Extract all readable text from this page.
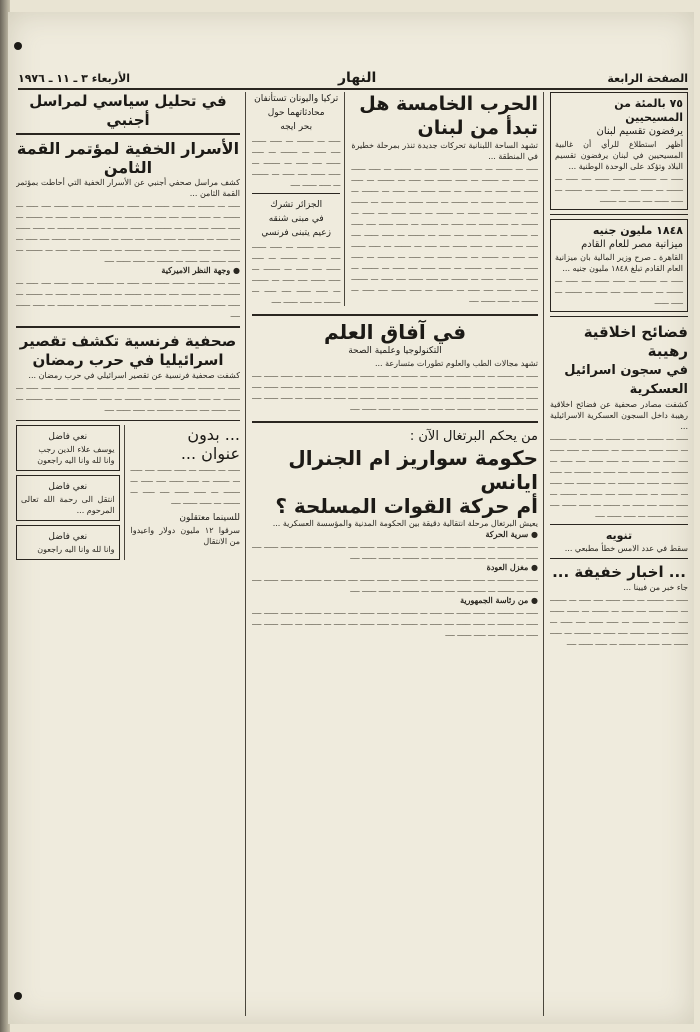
الصفحة الرابعة
النهار
الأربعاء ٣ ـ ١١ ـ ١٩٧٦
٧٥ بالمئة من المسيحيين
يرفضون تقسيم لبنان
أظهر استطلاع للرأي أن غالبية المسيحيين في لبنان يرفضون تقسيم البلاد وتؤكد على الوحدة الوطنية ...
ـــــ ـــ ـــــــ ـــ ـــــ ــــــ ــــ ـــــ ـــ ـــــــ ـــ ـــــ ــــــ ــــ ـــــ ـــ ـــــــ ـــ ـــــ ــــــ ــــ ـــــ ـــ ـــــــ
١٨٤٨ مليون جنيه
ميزانية مصر للعام القادم
القاهرة ـ صرح وزير المالية بان ميزانية العام القادم تبلغ ١٨٤٨ مليون جنيه ...
ـــــ ـــ ـــــــ ـــ ـــــ ــــــ ــــ ـــــ ـــ ـــــــ ـــ ـــــ ــــــ ــــ ـــــ ـــ ـــــــ ـــ ـــــ ــــــ
فضائح اخلاقية رهيبة
في سجون اسرائيل العسكرية
كشفت مصادر صحفية عن فضائح اخلاقية رهيبة داخل السجون العسكرية الاسرائيلية ...
ـــــ ـــ ـــــــ ـــ ـــــ ــــــ ــــ ـــــ ـــ ـــــــ ـــ ـــــ ــــــ ــــ ـــــ ـــ ـــــــ ـــ ـــــ ــــــ ــــ ـــــ ـــ ـــــــ ـــ ـــــ ــــــ ــــ ـــــ ـــ ـــــــ ـــ ـــــ ــــــ ــــ ـــــ ـــ ـــــــ ـــ ـــــ ــــــ ــــ ـــــ ـــ ـــــــ ـــ ـــــ ــــــ ــــ ـــــ ـــ ـــــــ ـــ ـــــ ــــــ ــــ ـــــ ـــ ـــــــ ـــ ـــــ ــــــ ــــ ـــــ ـــ ـــــــ ـــ ـــــ ــــــ ــــ ـــــ ـــ ـــــــ ـــ ـــــ ــــــ ــــ
تنويه
سقط في عدد الامس خطأ مطبعي ...
... اخبار خفيفة ...
جاء خبر من فيينا ...
ـــــ ـــ ـــــــ ـــ ـــــ ــــــ ــــ ـــــ ـــ ـــــــ ـــ ـــــ ــــــ ــــ ـــــ ـــ ـــــــ ـــ ـــــ ــــــ ــــ ـــــ ـــ ـــــــ ـــ ـــــ ــــــ ــــ ـــــ ـــ ـــــــ ـــ ـــــ ــــــ ــــ ـــــ ـــ ـــــــ ـــ ـــــ ــــــ ــــ ـــــ ـــ ـــــــ ـــ ـــــ ــــــ ــــ
الحرب الخامسة هل تبدأ من لبنان
تشهد الساحة اللبنانية تحركات جديدة تنذر بمرحلة خطيرة في المنطقة ...
ـــــ ـــ ـــــــ ـــ ـــــ ــــــ ــــ ـــــ ـــ ـــــــ ـــ ـــــ ــــــ ــــ ـــــ ـــ ـــــــ ـــ ـــــ ــــــ ــــ ـــــ ـــ ـــــــ ـــ ـــــ ــــــ ــــ ـــــ ـــ ـــــــ ـــ ـــــ ــــــ ــــ ـــــ ـــ ـــــــ ـــ ـــــ ــــــ ــــ ـــــ ـــ ـــــــ ـــ ـــــ ــــــ ــــ ـــــ ـــ ـــــــ ـــ ـــــ ــــــ ــــ ـــــ ـــ ـــــــ ـــ ـــــ ــــــ ــــ ـــــ ـــ ـــــــ ـــ ـــــ ــــــ ــــ ـــــ ـــ ـــــــ ـــ ـــــ ــــــ ــــ ـــــ ـــ ـــــــ ـــ ـــــ ــــــ ــــ ـــــ ـــ ـــــــ ـــ ـــــ ــــــ ــــ ـــــ ـــ ـــــــ ـــ ـــــ ــــــ ــــ ـــــ ـــ ـــــــ ـــ ـــــ ــــــ ــــ ـــــ ـــ ـــــــ ـــ ـــــ ــــــ ــــ ـــــ ـــ ـــــــ ـــ ـــــ ــــــ ــــ ـــــ ـــ ـــــــ ـــ ـــــ ــــــ ــــ ـــــ ـــ ـــــــ ـــ ـــــ ــــــ ــــ ـــــ ـــ ـــــــ ـــ ـــــ ــــــ ــــ ـــــ ـــ ـــــــ ـــ ـــــ ــــــ ــــ ـــــ ـــ ـــــــ ـــ ـــــ ــــــ ــــ ـــــ ـــ ـــــــ ـــ ـــــ ــــــ ــــ
تركيا واليونان تستأنفان
محادثاتهما حول
بحر ايجه
ـــــ ـــ ـــــــ ـــ ـــــ ــــــ ــــ ـــــ ـــ ـــــــ ـــ ـــــ ــــــ ــــ ـــــ ـــ ـــــــ ـــ ـــــ ــــــ ــــ ـــــ ـــ ـــــــ ـــ ـــــ ــــــ ــــ
الجزائر تشرك
في مبنى شنقه
زعيم يتبنى فرنسي
ـــــ ـــ ـــــــ ـــ ـــــ ــــــ ــــ ـــــ ـــ ـــــــ ـــ ـــــ ــــــ ــــ ـــــ ـــ ـــــــ ـــ ـــــ ــــــ ــــ ـــــ ـــ ـــــــ ـــ ـــــ ــــــ ــــ ـــــ ـــ ـــــــ ـــ ـــــ ــــــ ــــ
في آفاق العلم
التكنولوجيا وعلمية الصحة
تشهد مجالات الطب والعلوم تطورات متسارعة ...
ـــــ ـــ ـــــــ ـــ ـــــ ــــــ ــــ ـــــ ـــ ـــــــ ـــ ـــــ ــــــ ــــ ـــــ ـــ ـــــــ ـــ ـــــ ــــــ ــــ ـــــ ـــ ـــــــ ـــ ـــــ ــــــ ــــ ـــــ ـــ ـــــــ ـــ ـــــ ــــــ ــــ ـــــ ـــ ـــــــ ـــ ـــــ ــــــ ــــ ـــــ ـــ ـــــــ ـــ ـــــ ــــــ ــــ ـــــ ـــ ـــــــ ـــ ـــــ ــــــ ــــ ـــــ ـــ ـــــــ ـــ ـــــ ــــــ ــــ ـــــ ـــ ـــــــ ـــ ـــــ ــــــ ــــ ـــــ ـــ ـــــــ ـــ ـــــ ــــــ ــــ
من يحكم البرتغال الآن :
حكومة سواريز ام الجنرال ايانس
أم حركة القوات المسلحة ؟
يعيش البرتغال مرحلة انتقالية دقيقة بين الحكومة المدنية والمؤسسة العسكرية ...
● سرية الحركة
ـــــ ـــ ـــــــ ـــ ـــــ ــــــ ــــ ـــــ ـــ ـــــــ ـــ ـــــ ــــــ ــــ ـــــ ـــ ـــــــ ـــ ـــــ ــــــ ــــ ـــــ ـــ ـــــــ ـــ ـــــ ــــــ ــــ ـــــ ـــ ـــــــ ـــ ـــــ ــــــ ــــ
● مغزل العودة
ـــــ ـــ ـــــــ ـــ ـــــ ــــــ ــــ ـــــ ـــ ـــــــ ـــ ـــــ ــــــ ــــ ـــــ ـــ ـــــــ ـــ ـــــ ــــــ ــــ ـــــ ـــ ـــــــ ـــ ـــــ ــــــ ــــ ـــــ ـــ ـــــــ ـــ ـــــ ــــــ ــــ
● من رئاسة الجمهورية
ـــــ ـــ ـــــــ ـــ ـــــ ــــــ ــــ ـــــ ـــ ـــــــ ـــ ـــــ ــــــ ــــ ـــــ ـــ ـــــــ ـــ ـــــ ــــــ ــــ ـــــ ـــ ـــــــ ـــ ـــــ ــــــ ــــ ـــــ ـــ ـــــــ ـــ ـــــ ــــــ ــــ ـــــ ـــ ـــــــ ـــ ـــــ ــــــ ــــ ـــــ ـــ ـــــــ ـــ ـــــ ــــــ ــــ
في تحليل سياسي لمراسل أجنبي
الأسرار الخفية لمؤتمر القمة الثامن
كشف مراسل صحفي أجنبي عن الأسرار الخفية التي أحاطت بمؤتمر القمة الثامن ...
ـــــ ـــ ـــــــ ـــ ـــــ ــــــ ــــ ـــــ ـــ ـــــــ ـــ ـــــ ــــــ ــــ ـــــ ـــ ـــــــ ـــ ـــــ ــــــ ــــ ـــــ ـــ ـــــــ ـــ ـــــ ــــــ ــــ ـــــ ـــ ـــــــ ـــ ـــــ ــــــ ــــ ـــــ ـــ ـــــــ ـــ ـــــ ــــــ ــــ ـــــ ـــ ـــــــ ـــ ـــــ ــــــ ــــ ـــــ ـــ ـــــــ ـــ ـــــ ــــــ ــــ ـــــ ـــ ـــــــ ـــ ـــــ ــــــ ــــ ـــــ ـــ ـــــــ ـــ ـــــ ــــــ ــــ ـــــ ـــ ـــــــ ـــ ـــــ ــــــ ــــ ـــــ ـــ ـــــــ ـــ ـــــ ــــــ ــــ ـــــ ـــ ـــــــ ـــ ـــــ ــــــ ــــ
● وجهة النظر الاميركية
ـــــ ـــ ـــــــ ـــ ـــــ ــــــ ــــ ـــــ ـــ ـــــــ ـــ ـــــ ــــــ ــــ ـــــ ـــ ـــــــ ـــ ـــــ ــــــ ــــ ـــــ ـــ ـــــــ ـــ ـــــ ــــــ ــــ ـــــ ـــ ـــــــ ـــ ـــــ ــــــ ــــ ـــــ ـــ ـــــــ ـــ ـــــ ــــــ ــــ ـــــ ـــ ـــــــ ـــ ـــــ ــــــ ــــ
صحفية فرنسية تكشف تقصير
اسرائيليا في حرب رمضان
كشفت صحفية فرنسية عن تقصير اسرائيلي في حرب رمضان ...
ـــــ ـــ ـــــــ ـــ ـــــ ــــــ ــــ ـــــ ـــ ـــــــ ـــ ـــــ ــــــ ــــ ـــــ ـــ ـــــــ ـــ ـــــ ــــــ ــــ ـــــ ـــ ـــــــ ـــ ـــــ ــــــ ــــ ـــــ ـــ ـــــــ ـــ ـــــ ــــــ ــــ ـــــ ـــ ـــــــ ـــ ـــــ ــــــ ــــ
... بدون
عنوان ...
ـــــ ـــ ـــــــ ـــ ـــــ ــــــ ــــ ـــــ ـــ ـــــــ ـــ ـــــ ــــــ ــــ ـــــ ـــ ـــــــ ـــ ـــــ ــــــ ــــ ـــــ ـــ ـــــــ ـــ ـــــ ــــــ ــــ
للسينما معتقلون
سرقوا ١٢ مليون دولار واعيدوا من الانتقال
نعي فاضل
يوسف علاء الدين رجب
وانا لله وانا اليه راجعون
نعي فاضل
انتقل الى رحمة الله تعالى المرحوم ...
نعي فاضل
وانا لله وانا اليه راجعون
